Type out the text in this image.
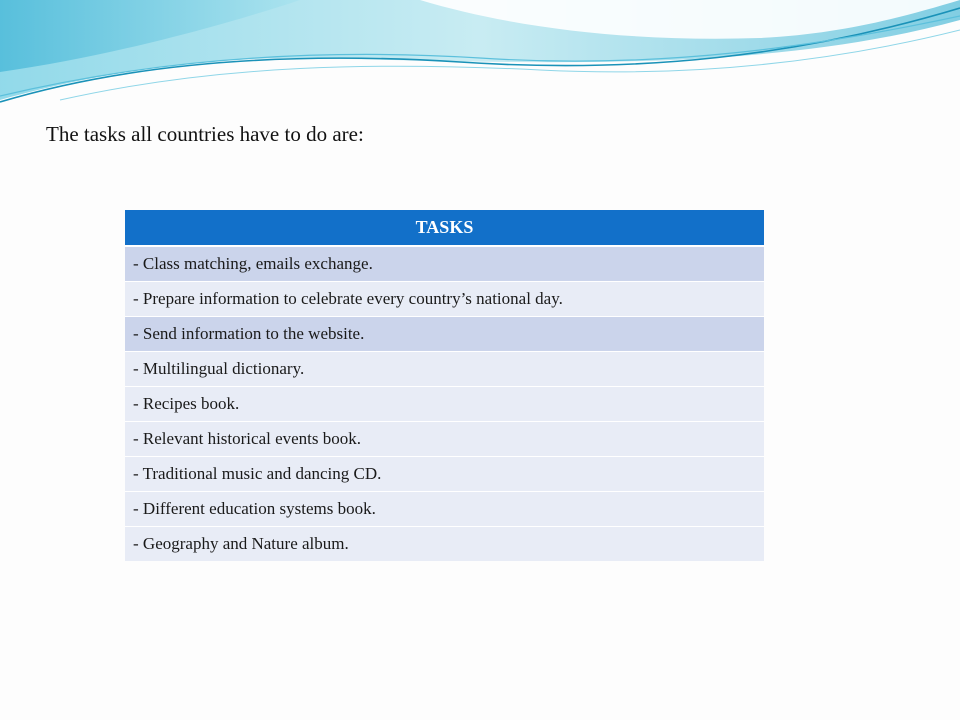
The tasks all countries have to do are:

TASKS
- Class matching, emails exchange.
- Prepare information to celebrate every country’s national day.
- Send information to the website.
- Multilingual dictionary.
- Recipes book.
- Relevant historical events book.
- Traditional music and dancing CD.
- Different education systems book.
- Geography and Nature album.
